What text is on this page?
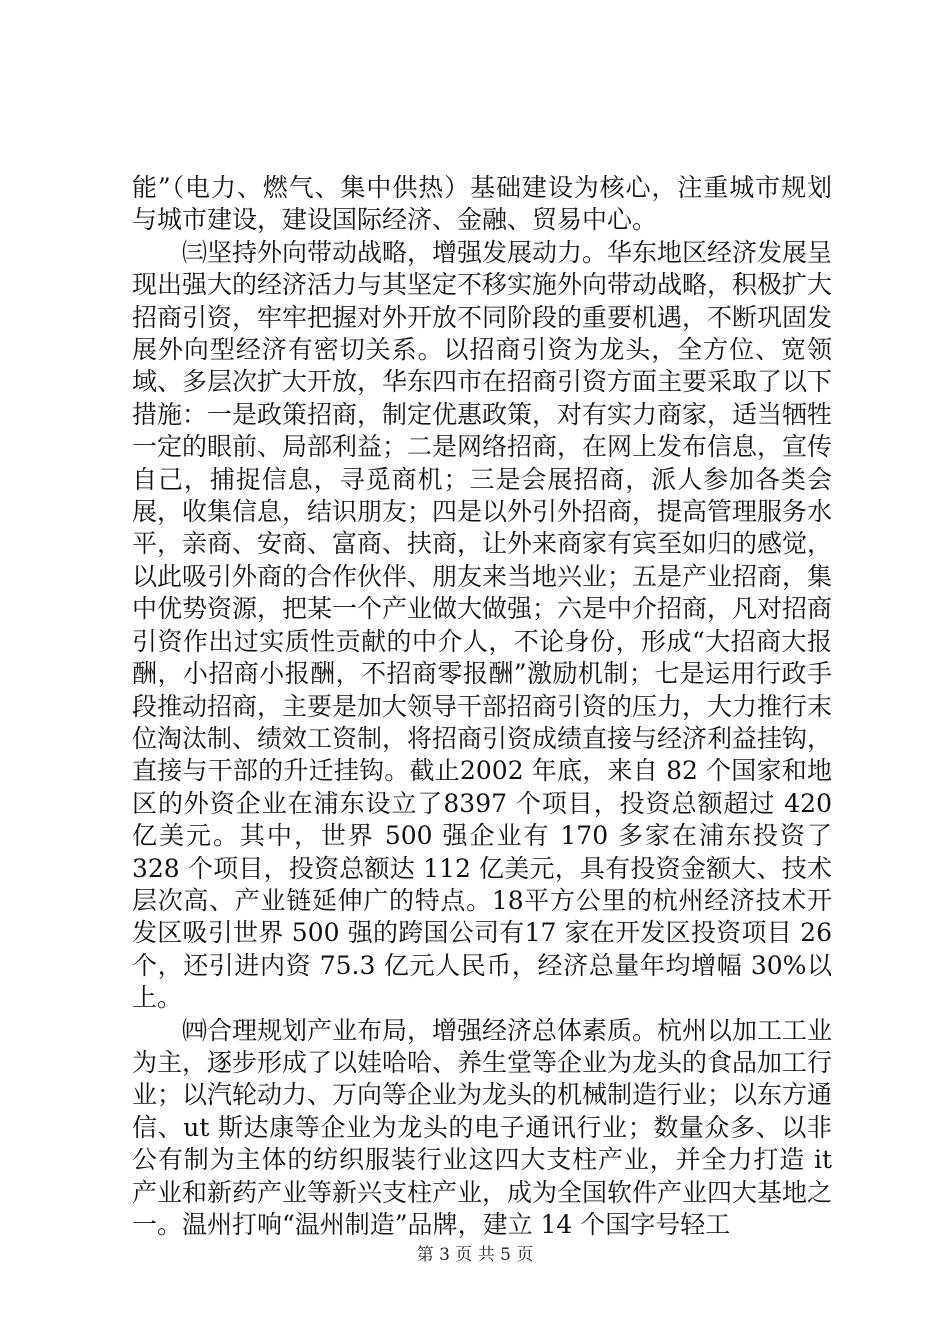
能”（电力、燃气、集中供热）基础建设为核心，注重城市规划与城市建设，建设国际经济、金融、贸易中心。

㈢坚持外向带动战略，增强发展动力。华东地区经济发展呈现出强大的经济活力与其坚定不移实施外向带动战略，积极扩大招商引资，牢牢把握对外开放不同阶段的重要机遇，不断巩固发展外向型经济有密切关系。以招商引资为龙头，全方位、宽领域、多层次扩大开放，华东四市在招商引资方面主要采取了以下措施：一是政策招商，制定优惠政策，对有实力商家，适当牺牲一定的眼前、局部利益；二是网络招商，在网上发布信息，宣传自己，捕捉信息，寻觅商机；三是会展招商，派人参加各类会展，收集信息，结识朋友；四是以外引外招商，提高管理服务水平，亲商、安商、富商、扶商，让外来商家有宾至如归的感觉，以此吸引外商的合作伙伴、朋友来当地兴业；五是产业招商，集中优势资源，把某一个产业做大做强；六是中介招商，凡对招商引资作出过实质性贡献的中介人，不论身份，形成“大招商大报酬，小招商小报酬，不招商零报酬”激励机制；七是运用行政手段推动招商，主要是加大领导干部招商引资的压力，大力推行末位淘汰制、绩效工资制，将招商引资成绩直接与经济利益挂钩，直接与干部的升迁挂钩。截止2002 年底，来自 82 个国家和地区的外资企业在浦东设立了8397 个项目，投资总额超过 420 亿美元。其中，世界 500 强企业有 170 多家在浦东投资了 328 个项目，投资总额达 112 亿美元，具有投资金额大、技术层次高、产业链延伸广的特点。18平方公里的杭州经济技术开发区吸引世界 500 强的跨国公司有17 家在开发区投资项目 26 个，还引进内资 75.3 亿元人民币，经济总量年均增幅 30%以上。

㈣合理规划产业布局，增强经济总体素质。杭州以加工工业为主，逐步形成了以娃哈哈、养生堂等企业为龙头的食品加工行业；以汽轮动力、万向等企业为龙头的机械制造行业；以东方通信、ut 斯达康等企业为龙头的电子通讯行业；数量众多、以非公有制为主体的纺织服装行业这四大支柱产业，并全力打造 it 产业和新药产业等新兴支柱产业，成为全国软件产业四大基地之一。温州打响“温州制造”品牌，建立 14 个国字号轻工

第 3 页 共 5 页
